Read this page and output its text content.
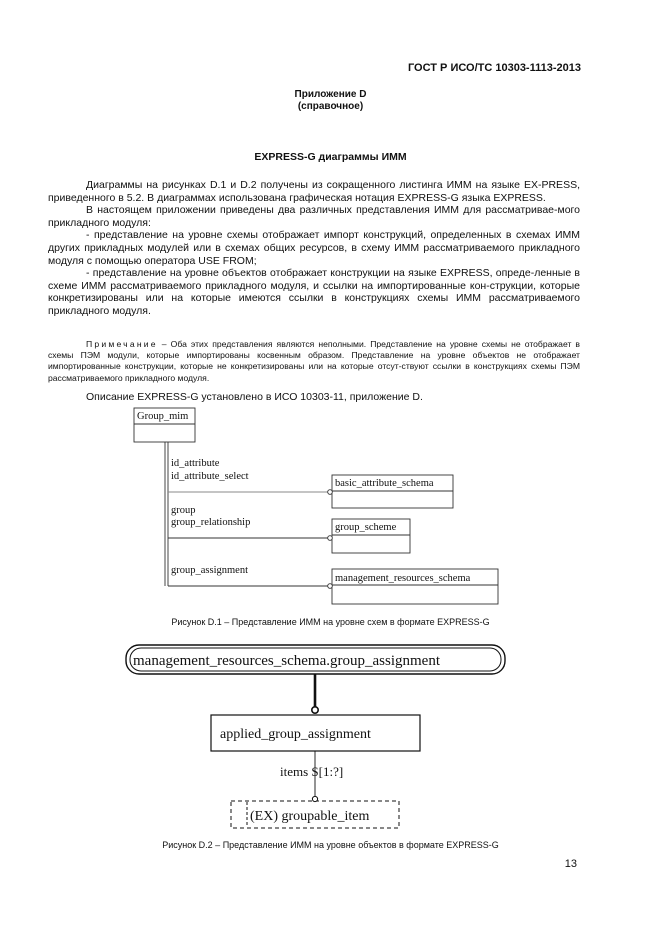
ГОСТ Р ИСО/ТС 10303-1113-2013
Приложение D
(справочное)
EXPRESS-G диаграммы ИММ

Диаграммы на рисунках D.1 и D.2 получены из сокращенного листинга ИММ на языке EX-PRESS, приведенного в 5.2. В диаграммах использована графическая нотация EXPRESS-G языка EXPRESS.

В настоящем приложении приведены два различных представления ИММ для рассматривае-мого прикладного модуля:

- представление на уровне схемы отображает импорт конструкций, определенных в схемах ИММ других прикладных модулей или в схемах общих ресурсов, в схему ИММ рассматриваемого прикладного модуля с помощью оператора USE FROM;

- представление на уровне объектов отображает конструкции на языке EXPRESS, опреде-ленные в схеме ИММ рассматриваемого прикладного модуля, и ссылки на импортированные кон-струкции, которые конкретизированы или на которые имеются ссылки в конструкциях схемы ИММ рассматриваемого прикладного модуля.

Примечание – Оба этих представления являются неполными. Представление на уровне схемы не отображает в схемы ПЭМ модули, которые импортированы косвенным образом. Представление на уровне объектов не отображает импортированные конструкции, которые не конкретизированы или на которые отсут-ствуют ссылки в конструкциях схемы ПЭМ рассматриваемого прикладного модуля.

Описание EXPRESS-G установлено в ИСО 10303-11, приложение D.

Group_mim
id_attribute
id_attribute_select
group
group_relationship
group_assignment
basic_attribute_schema
group_scheme
management_resources_schema
management_resources_schema.group_assignment
applied_group_assignment
items S[1:?]
(EX) groupable_item
Рисунок D.1 – Представление ИММ на уровне схем в формате EXPRESS-G
Рисунок D.2 – Представление ИММ на уровне объектов в формате EXPRESS-G
13
